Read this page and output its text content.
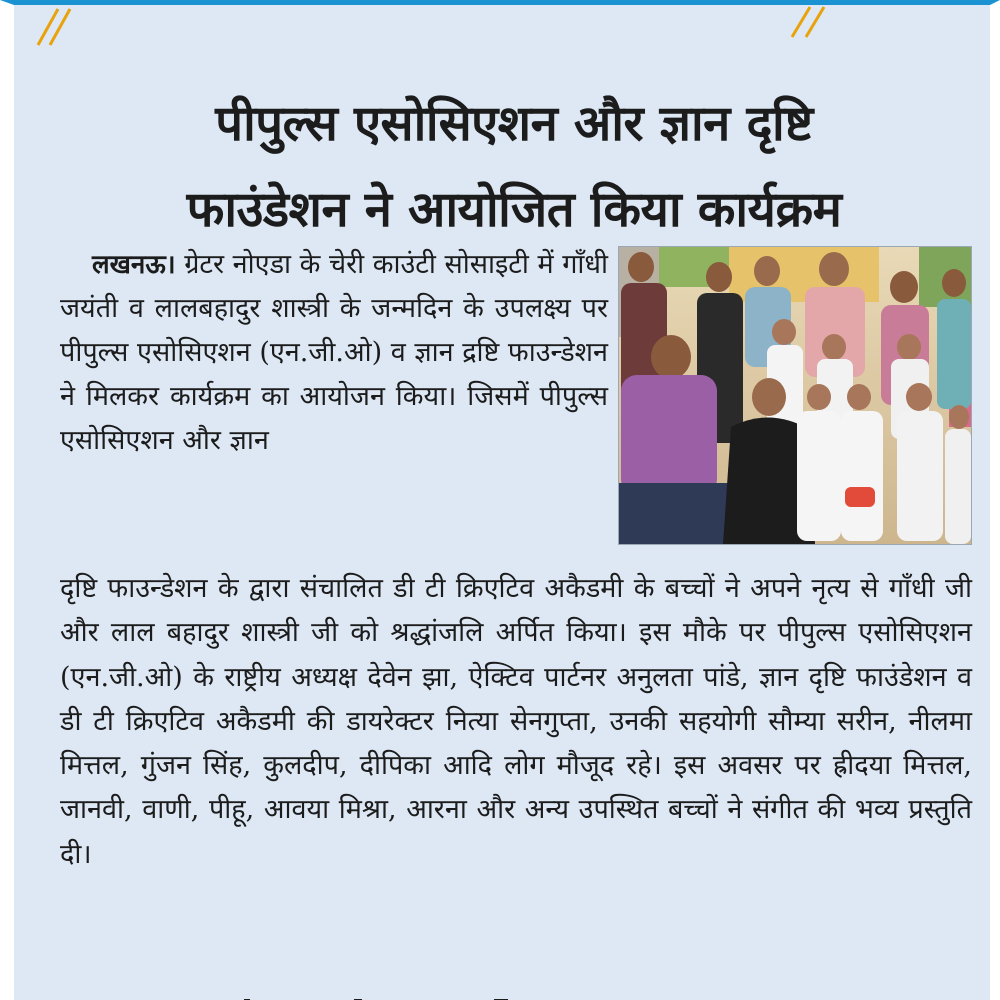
पीपुल्स एसोसिएशन और ज्ञान दृष्टि
फाउंडेशन ने आयोजित किया कार्यक्रम
लखनऊ। ग्रेटर नोएडा के चेरी काउंटी सोसाइटी में गाँधी जयंती व लालबहादुर शास्त्री के जन्मदिन के उपलक्ष्य पर पीपुल्स एसोसिएशन (एन.जी.ओ) व ज्ञान द्रष्टि फाउन्डेशन ने मिलकर कार्यक्रम का आयोजन किया। जिसमें पीपुल्स एसोसिएशन और ज्ञान
दृष्टि फाउन्डेशन के द्वारा संचालित डी टी क्रिएटिव अकैडमी के बच्चों ने अपने नृत्य से गाँधी जी और लाल बहादुर शास्त्री जी को श्रद्धांजलि अर्पित किया। इस मौके पर पीपुल्स एसोसिएशन (एन.जी.ओ) के राष्ट्रीय अध्यक्ष देवेन झा, ऐक्टिव पार्टनर अनुलता पांडे, ज्ञान दृष्टि फाउंडेशन व डी टी क्रिएटिव अकैडमी की डायरेक्टर नित्या सेनगुप्ता, उनकी सहयोगी सौम्या सरीन, नीलमा मित्तल, गुंजन सिंह, कुलदीप, दीपिका आदि लोग मौजूद रहे। इस अवसर पर ह्रीदया मित्तल, जानवी, वाणी, पीहू, आवया मिश्रा, आरना और अन्य उपस्थित बच्चों ने संगीत की भव्य प्रस्तुति दी।
